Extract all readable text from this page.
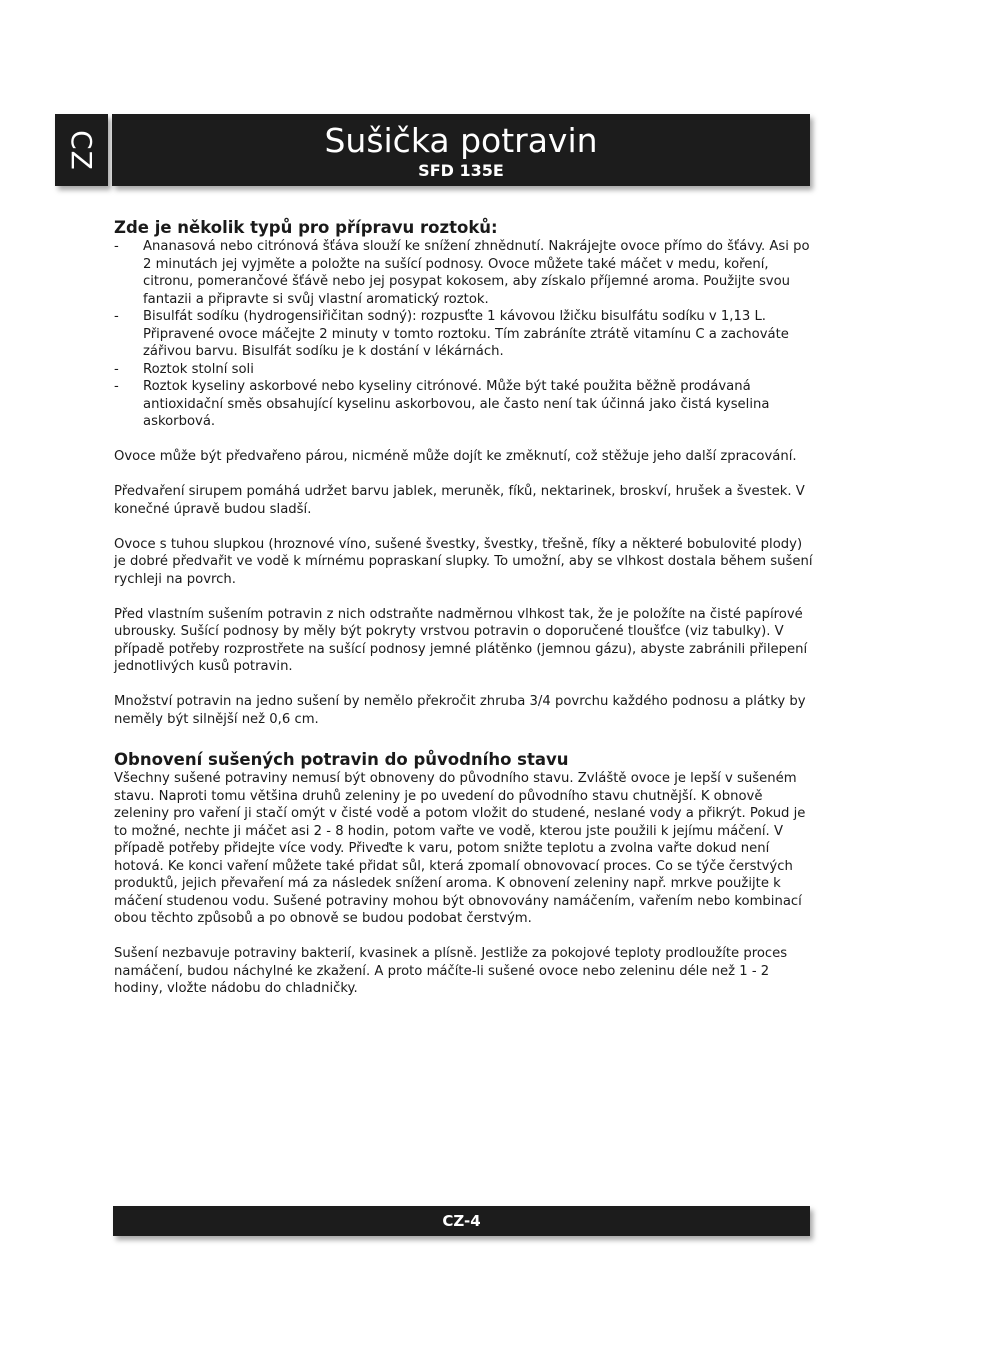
CZ	Sušička potravin
SFD 135E
Zde je několik typů pro přípravu roztoků:
- Ananasová nebo citrónová šťáva slouží ke snížení zhnědnutí. Nakrájejte ovoce přímo do šťávy. Asi po 2 minutách jej vyjměte a položte na sušící podnosy. Ovoce můžete také máčet v medu, koření, citronu, pomerančové šťávě nebo jej posypat kokosem, aby získalo příjemné aroma. Použijte svou fantazii a připravte si svůj vlastní aromatický roztok.
- Bisulfát sodíku (hydrogensiřičitan sodný): rozpusťte 1 kávovou lžičku bisulfátu sodíku v 1,13 L. Připravené ovoce máčejte 2 minuty v tomto roztoku. Tím zabráníte ztrátě vitamínu C a zachováte zářivou barvu. Bisulfát sodíku je k dostání v lékárnách.
- Roztok stolní soli
- Roztok kyseliny askorbové nebo kyseliny citrónové. Může být také použita běžně prodávaná antioxidační směs obsahující kyselinu askorbovou, ale často není tak účinná jako čistá kyselina askorbová.

Ovoce může být předvařeno párou, nicméně může dojít ke změknutí, což stěžuje jeho další zpracování.

Předvaření sirupem pomáhá udržet barvu jablek, meruněk, fíků, nektarinek, broskví, hrušek a švestek. V konečné úpravě budou sladší.

Ovoce s tuhou slupkou (hroznové víno, sušené švestky, švestky, třešně, fíky a některé bobulovité plody) je dobré předvařit ve vodě k mírnému popraskaní slupky. To umožní, aby se vlhkost dostala během sušení rychleji na povrch.

Před vlastním sušením potravin z nich odstraňte nadměrnou vlhkost tak, že je položíte na čisté papírové ubrousky. Sušící podnosy by měly být pokryty vrstvou potravin o doporučené tloušťce (viz tabulky). V případě potřeby rozprostřete na sušící podnosy jemné plátěnko (jemnou gázu), abyste zabránili přilepení jednotlivých kusů potravin.

Množství potravin na jedno sušení by nemělo překročit zhruba 3/4 povrchu každého podnosu a plátky by neměly být silnější než 0,6 cm.

Obnovení sušených potravin do původního stavu

Všechny sušené potraviny nemusí být obnoveny do původního stavu. Zvláště ovoce je lepší v sušeném stavu. Naproti tomu většina druhů zeleniny je po uvedení do původního stavu chutnější. K obnově zeleniny pro vaření ji stačí omýt v čisté vodě a potom vložit do studené, neslané vody a přikrýt. Pokud je to možné, nechte ji máčet asi 2 - 8 hodin, potom vařte ve vodě, kterou jste použili k jejímu máčení. V případě potřeby přidejte více vody. Přiveďte k varu, potom snižte teplotu a zvolna vařte dokud není hotová. Ke konci vaření můžete také přidat sůl, která zpomalí obnovovací proces. Co se týče čerstvých produktů, jejich převaření má za následek snížení aroma. K obnovení zeleniny např. mrkve použijte k máčení studenou vodu. Sušené potraviny mohou být obnovovány namáčením, vařením nebo kombinací obou těchto způsobů a po obnově se budou podobat čerstvým.

Sušení nezbavuje potraviny bakterií, kvasinek a plísně. Jestliže za pokojové teploty prodloužíte proces namáčení, budou náchylné ke zkažení. A proto máčíte-li sušené ovoce nebo zeleninu déle než 1 - 2 hodiny, vložte nádobu do chladničky.

CZ-4
